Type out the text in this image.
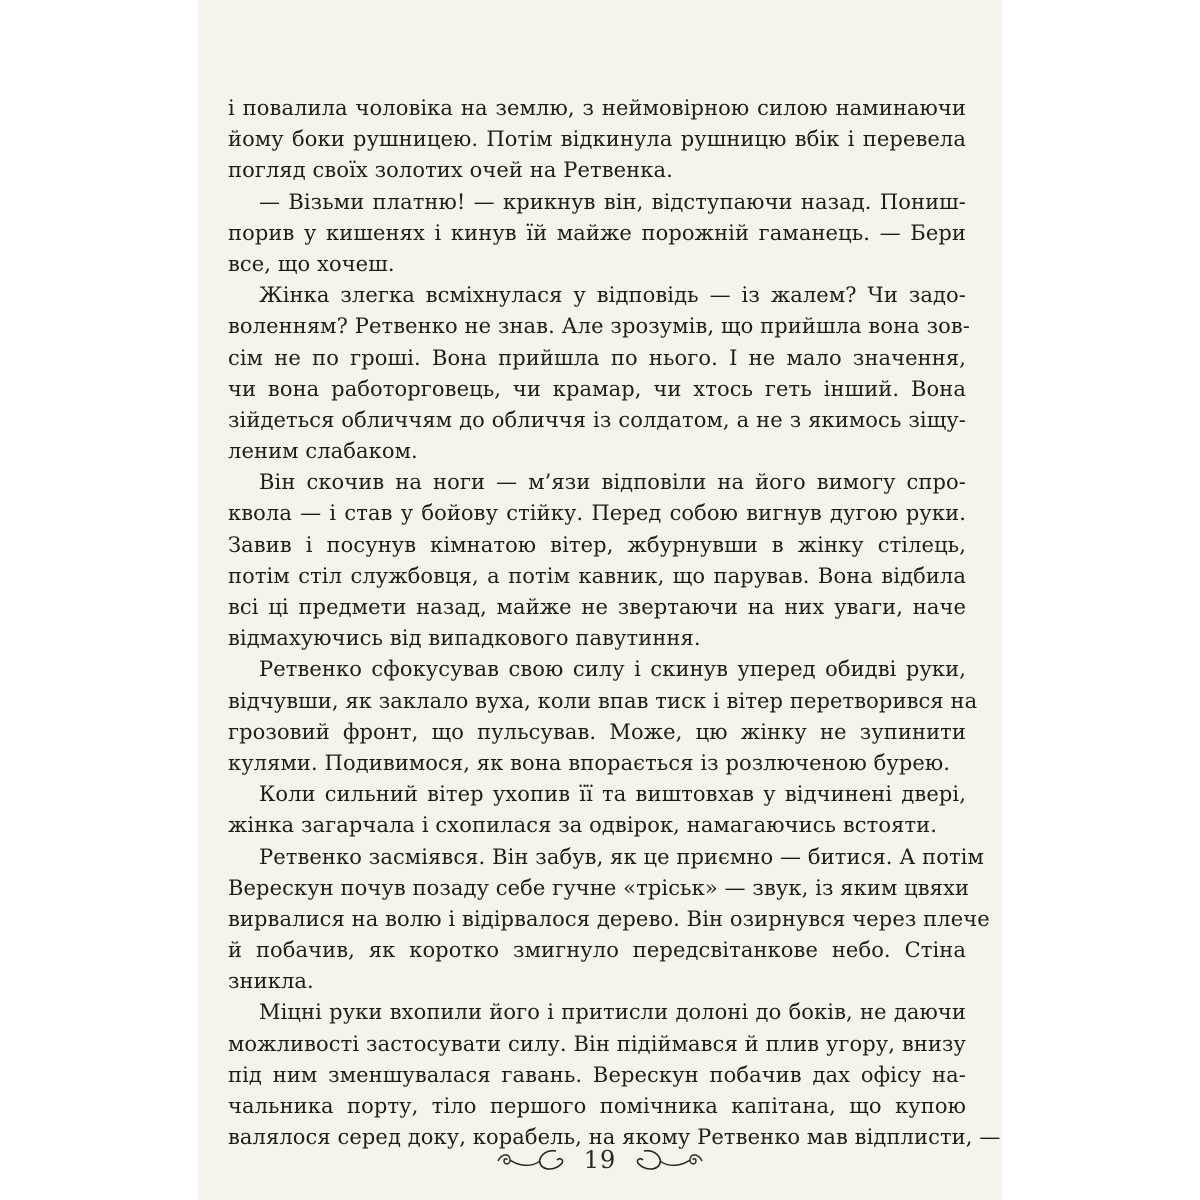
і повалила чоловіка на землю, з неймовірною силою наминаючи
йому боки рушницею. Потім відкинула рушницю вбік і перевела
погляд своїх золотих очей на Ретвенка.
— Візьми платню! — крикнув він, відступаючи назад. Пониш-
порив у кишенях і кинув їй майже порожній гаманець. — Бери
все, що хочеш.
Жінка злегка всміхнулася у відповідь — із жалем? Чи задо-
воленням? Ретвенко не знав. Але зрозумів, що прийшла вона зов-
сім не по гроші. Вона прийшла по нього. І не мало значення,
чи вона работорговець, чи крамар, чи хтось геть інший. Вона
зійдеться обличчям до обличчя із солдатом, а не з якимось зіщу-
леним слабаком.
Він скочив на ноги — м’язи відповіли на його вимогу спро-
квола — і став у бойову стійку. Перед собою вигнув дугою руки.
Завив і посунув кімнатою вітер, жбурнувши в жінку стілець,
потім стіл службовця, а потім кавник, що парував. Вона відбила
всі ці предмети назад, майже не звертаючи на них уваги, наче
відмахуючись від випадкового павутиння.
Ретвенко сфокусував свою силу і скинув уперед обидві руки,
відчувши, як заклало вуха, коли впав тиск і вітер перетворився на
грозовий фронт, що пульсував. Може, цю жінку не зупинити
кулями. Подивимося, як вона впорається із розлюченою бурею.
Коли сильний вітер ухопив її та виштовхав у відчинені двері,
жінка загарчала і схопилася за одвірок, намагаючись встояти.
Ретвенко засміявся. Він забув, як це приємно — битися. А потім
Верескун почув позаду себе гучне «тріськ» — звук, із яким цвяхи
вирвалися на волю і відірвалося дерево. Він озирнувся через плече
й побачив, як коротко змигнуло передсвітанкове небо. Стіна
зникла.
Міцні руки вхопили його і притисли долоні до боків, не даючи
можливості застосувати силу. Він підіймався й плив угору, внизу
під ним зменшувалася гавань. Верескун побачив дах офісу на-
чальника порту, тіло першого помічника капітана, що купою
валялося серед доку, корабель, на якому Ретвенко мав відплисти, —
19
